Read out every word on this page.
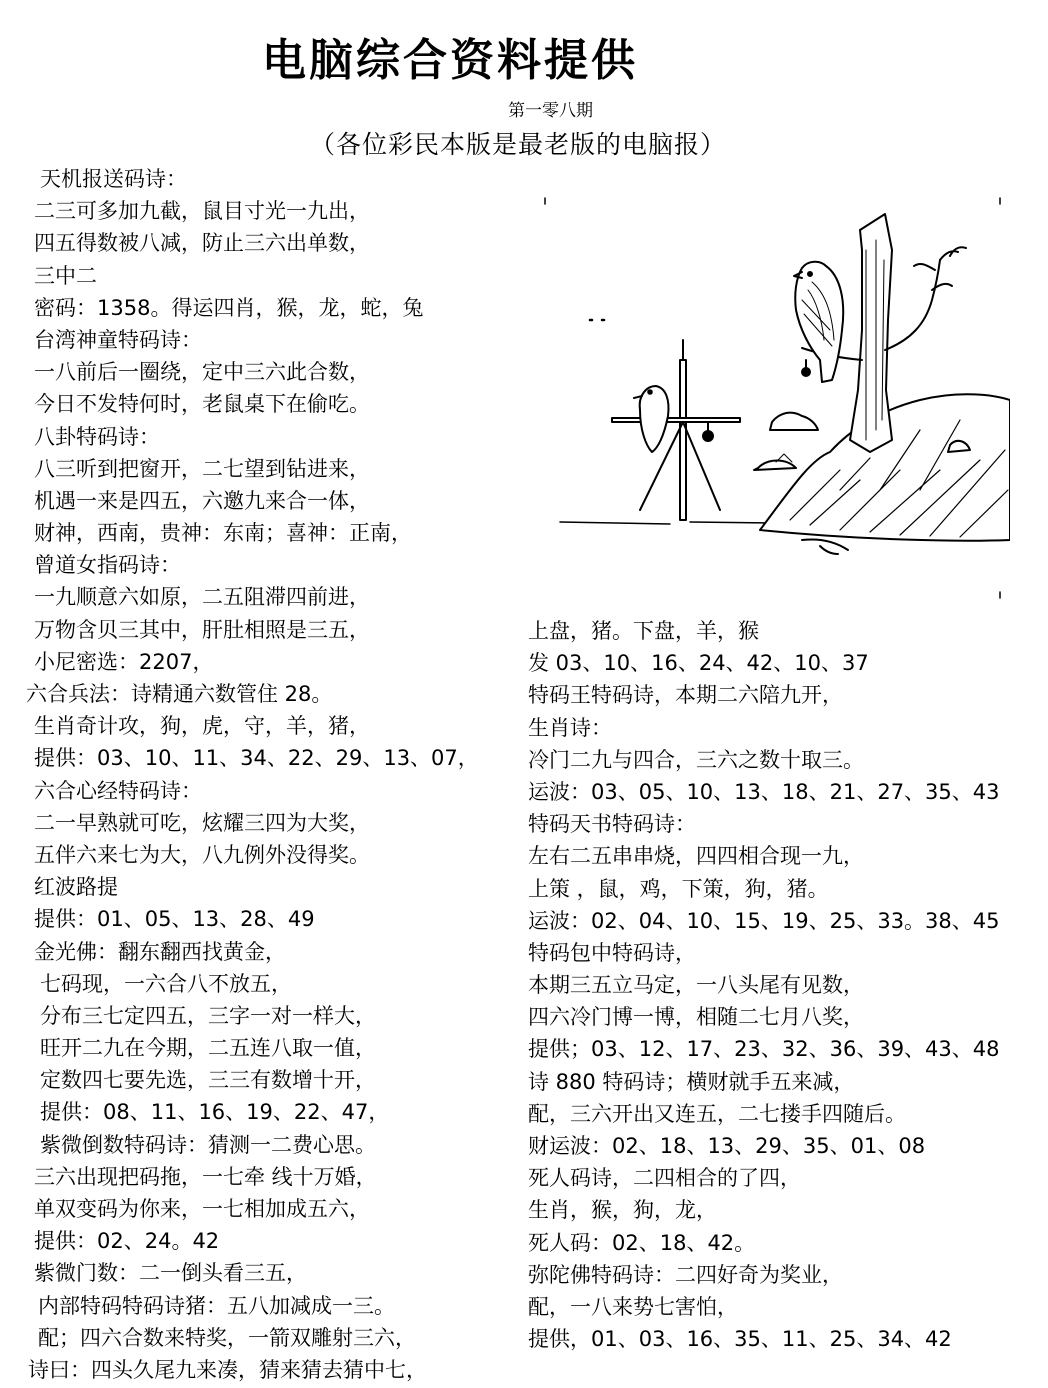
电脑综合资料提供
第一零八期
（各位彩民本版是最老版的电脑报）
天机报送码诗：
二三可多加九截，鼠目寸光一九出，
四五得数被八减，防止三六出单数，
三中二
密码：1358。得运四肖，猴，龙，蛇，兔
台湾神童特码诗：
一八前后一圈绕，定中三六此合数，
今日不发特何时，老鼠桌下在偷吃。
八卦特码诗：
八三听到把窗开，二七望到钻进来，
机遇一来是四五，六邀九来合一体，
财神，西南，贵神：东南；喜神：正南，
曾道女指码诗：
一九顺意六如原，二五阻滞四前进，
万物含贝三其中，肝肚相照是三五，
小尼密选：2207，
六合兵法：诗精通六数管住 28。
生肖奇计攻，狗，虎，守，羊，猪，
提供：03、10、11、34、22、29、13、07，
六合心经特码诗：
二一早熟就可吃，炫耀三四为大奖，
五伴六来七为大，八九例外没得奖。
红波路提
提供：01、05、13、28、49
金光佛：翻东翻西找黄金，
七码现，一六合八不放五，
分布三七定四五，三字一对一样大，
旺开二九在今期，二五连八取一值，
定数四七要先选，三三有数增十开，
提供：08、11、16、19、22、47，
紫微倒数特码诗：猜测一二费心思。
三六出现把码拖，一七牵 线十万婚，
单双变码为你来，一七相加成五六，
提供：02、24。42
紫微门数：二一倒头看三五，
内部特码特码诗猪：五八加减成一三。
配；四六合数来特奖，一箭双雕射三六，
诗曰：四头久尾九来凑，猜来猜去猜中七，
上盘，猪。下盘，羊，猴
发 03、10、16、24、42、10、37
特码王特码诗，本期二六陪九开，
生肖诗：
冷门二九与四合，三六之数十取三。
运波：03、05、10、13、18、21、27、35、43
特码天书特码诗：
左右二五串串烧，四四相合现一九，
上策 ，鼠，鸡，下策，狗，猪。
运波：02、04、10、15、19、25、33。38、45
特码包中特码诗，
本期三五立马定，一八头尾有见数，
四六冷门博一博，相随二七月八奖，
提供；03、12、17、23、32、36、39、43、48
诗 880 特码诗；横财就手五来减，
配，三六开出又连五，二七搂手四随后。
财运波：02、18、13、29、35、01、08
死人码诗，二四相合的了四，
生肖，猴，狗，龙，
死人码：02、18、42。
弥陀佛特码诗：二四好奇为奖业，
配，一八来势七害怕，
提供，01、03、16、35、11、25、34、42
